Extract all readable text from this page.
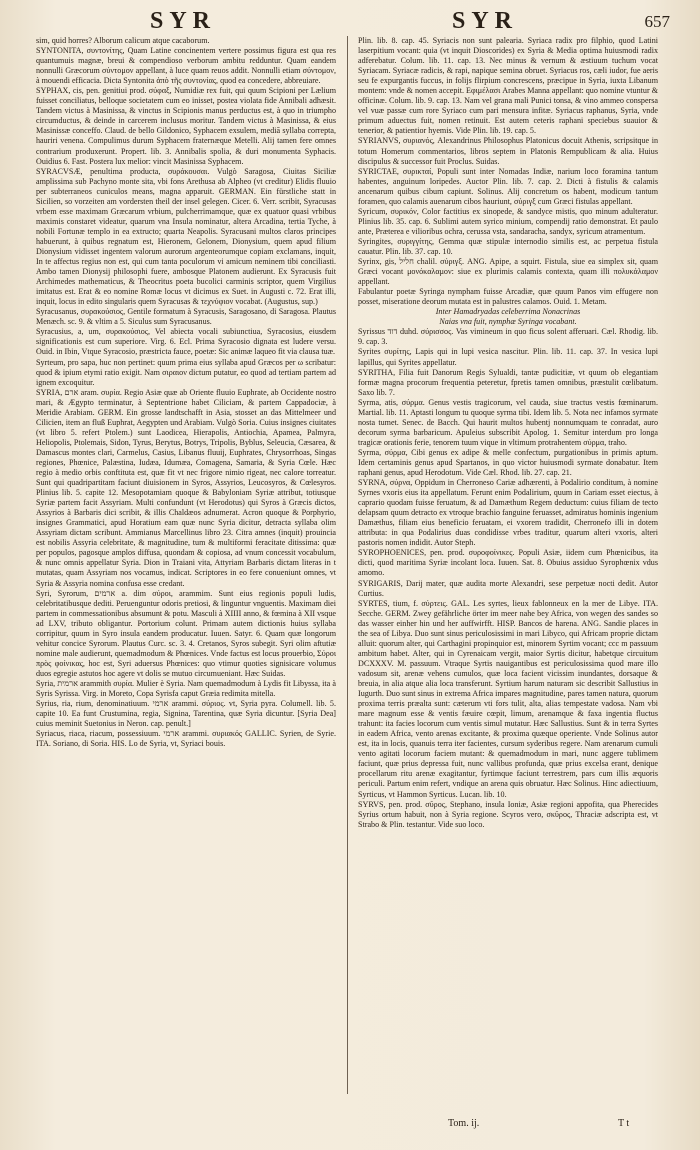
SYR	SYR	657

sim, quid horres? Alborum calicum atque cacaborum.

SYNTONITA, συντονίτης, Quam Latine concinentem vertere possimus figura est qua res quantumuis magnæ, breui & compendioso verborum ambitu redduntur. Quam eandem nonnulli Græcorum σύντομον appellant, à luce quam reuos addit. Nonnulli etiam σύντομον, à mouendi efficacia. Dicta Syntonita ἀπὸ τῆς συντονίας, quod ea concedere, abbreuiare.

SYPHAX, cis, pen. genitiui prod. σύφαξ, Numidiæ rex fuit, qui quum Scipioni per Lælium fuisset conciliatus, belloque societatem cum eo inisset, postea violata fide Annibali adhæsit. Tandem victus à Masinissa, & vinctus in Scipionis manus perductus est, à quo in triumpho circumductus, & deinde in carcerem inclusus moritur. Tandem victus à Masinissa, & eius Masinissæ conceffo. Claud. de bello Gildonico, Syphacem exsulem, mediā syllaba correpta, hauriri venena. Compulimus durum Syphacem fraternæque Metelli. Alij tamen fere omnes contrarium produxerunt. Propert. lib. 3. Annibalis spolia, & duri monumenta Syphacis. Ouidius 6. Fast. Postera lux melior: vincit Masinissa Syphacem.

SYRACVSÆ, penultima producta, συράκουσαι. Vulgò Saragosa, Ciuitas Siciliæ amplissima sub Pachyno monte sita, vbi fons Arethusa ab Alpheo (vt creditur) Elidis fluuio per subterraneos cuniculos means, magna apparuit. GERMAN. Ein fürstliche statt in Sicilien, so vorzeiten am vordersten theil der insel gelegen. Cicer. 6. Verr. scribit, Syracusas vrbem esse maximam Græcarum vrbium, pulcherrimamque, quæ ex quatuor quasi vrbibus maximis constaret videatur, quarum vna Insula nominatur, altera Arcadina, tertia Tyche, à nobili Fortunæ templo in ea extructo; quarta Neapolis. Syracusani multos claros principes habuerunt, à quibus regnatum est, Hieronem, Gelonem, Dionysium, quem apud filium Dionysium vidisset ingentem valorum aurorum argenteorumque copiam exclamans, inquit, In te affectus regius non est, qui cum tanta poculorum vi amicum neminem tibi conciliasti. Ambo tamen Dionysij philosophi fuere, ambosque Platonem audierunt. Ex Syracusis fuit Archimedes mathematicus, & Theocritus poeta bucolici carminis scriptor, quem Virgilius imitatus est. Erat & eo nomine Romæ locus vt dicimus ex Suet. in Augusti c. 72. Erat illi, inquit, locus in edito singularis quem Syracusas & τεχνύφιον vocabat. (Augustus, sup.)

Syracusanus, συρακούσιος, Gentile formatum à Syracusis, Saragosano, di Saragosa. Plautus Menæch. sc. 9. & vltim a 5. Siculus sum Syracusanus.

Syracusius, a, um, συρακούσιος, Vel abiecta vocali subiunctiua, Syracosius, eiusdem significationis est cum superiore. Virg. 6. Ecl. Prima Syracosio dignata est ludere versu. Ouid. in Ibin, Vtque Syracosio, præstricta fauce, poetæ: Sic animæ laqueo fit via clausa tuæ.

Syrteum, pro sapa, huc non pertinet: quum prima eius syllaba apud Græcos per ω scribatur: quod & ipium etymi ratio exigit. Nam σιραιον dictum putatur, eo quod ad tertiam partem ad ignem excoquitur.

SYRIA, ארם aram. συρία. Regio Asiæ quæ ab Oriente fluuio Euphrate, ab Occidente nostro mari, & Ægypto terminatur, à Septentrione habet Ciliciam, & partem Cappadociæ, à Meridie Arabiam. GERM. Ein grosse landtschafft in Asia, stosset an das Mittelmeer und Cilicien, item an fluß Euphrat, Aegypten und Arabiam. Vulgò Soria. Cuius insignes ciuitates (vt libro 5. refert Ptolem.) sunt Laodicea, Hierapolis, Antiochia, Apamea, Palmyra, Heliopolis, Ptolemais, Sidon, Tyrus, Berytus, Botrys, Tripolis, Byblus, Seleucia, Cæsarea, & Damascus montes clari, Carmelus, Casius, Libanus fluuij, Euphrates, Chrysorrhoas, Singas regiones, Phœnice, Palæstina, Iudæa, Idumæa, Comagena, Samaria, & Syria Cœle. Hæc regio à medio orbis conftituta est, quæ fit vt nec frigore nimio rigeat, nec calore torreatur. Sunt qui quadripartitam faciunt diuisionem in Syros, Assyrios, Leucosyros, & Cœlesyros. Plinius lib. 5. capite 12. Mesopotamiam quoque & Babyloniam Syriæ attribut, totiusque Syriæ partem facit Assyriam. Multi confundunt (vt Herodotus) qui Syros à Græcis dictos, Assyrios à Barbaris dici scribit, & illis Chaldæos adnumerat. Acron quoque & Porphyrio, insignes Grammatici, apud Horatium eam quæ nunc Syria dicitur, detracta syllaba olim Assyriam dictam scribunt. Ammianus Marcellinus libro 23. Citra amnes (inquit) prouincia est nobilis Assyria celebritate, & magnitudine, tum & multiformi feracitate ditissima: quæ per populos, pagosque amplos diffusa, quondam & copiosa, ad vnum concessit vocabulum, & nunc omnis appellatur Syria. Dion in Traiani vita, Attyriam Barbaris dictam literas in t mutatas, quam Assyriam nos vocamus, indicat. Scriptores in eo fere conueniunt omnes, vt Syria & Assyria nomina confusa esse credant.

Syri, Syrorum, ארמים a. dim σύροι, arammim. Sunt eius regionis populi ludis, celebritatibusque dediti. Peruenguntur odoris pretiosi, & linguntur vnguentis. Maximam diei partem in commessationibus absumunt & potu. Masculi à XIIII anno, & fœmina à XII vsque ad LXV, tributo obligantur. Portorium colunt. Primam autem dictionis huius syllaba corripitur, quum in Syro insula eandem producatur. Iuuen. Satyr. 6. Quam quæ longorum vehitur concice Syrorum. Plautus Curc. sc. 3. 4. Cretanos, Syros subegit. Syri olim aftutiæ nomine male audierunt, quemadmodum & Phœnices. Vnde factus est locus prouerbio, Σύροι πρὸς φοίνικας, hoc est, Syri aduersus Phœnices: quo vtimur quoties signisicare volumus duos egregie astutos hoc agere vt dolis se mutuo circumueniant. Hæc Suidas.

Syria, ארמית arammith συρία. Mulier è Syria. Nam quemadmodum à Lydis fit Libyssa, ita à Syris Syrissa. Virg. in Moreto, Copa Syrisfa caput Græia redimita mitella.

Syrius, ria, rium, denominatiuum. ארמי arammi. σύριος. vt, Syria pyra. Columell. lib. 5. capite 10. Ea funt Crustumina, regia, Signina, Tarentina, quæ Syria dicuntur. [Syria Dea] cuius meminit Suetonius in Neron. cap. penult.]

Syriacus, riaca, riacum, possessiuum. ארמי arammi. συριακός GALLIC. Syrien, de Syrie. ITA. Soriano, di Soria. HIS. Lo de Syria, vt, Syriaci bouis.

Plin. lib. 8. cap. 45. Syriacis non sunt palearia. Syriaca radix pro filphio, quod Latini laserpitium vocant: quia (vt inquit Dioscorides) ex Syria & Media optima huiusmodi radix adferebatur. Colum. lib. 11. cap. 13. Nec minus & vernum & æstiuum tuchum vocat Syriacam. Syriacæ radicis, & rapi, napique semina obruet. Syriacus ros, cæli iudor, fue aeris seu fe expurgantis fuccus, in folijs flirpium concrescens, præcipue in Syria, iuxta Libanum montem: vnde & nomen accepit. Εφιμέλασι Arabes Manna appellant: quo nomine vtuntur & officinæ. Colum. lib. 9. cap. 13. Nam vel grana mali Punici tonsa, & vino ammeo conspersa vel vuæ passæ cum rore Syriaco cum pari mensura infitæ. Syriacus raphanus, Syria, vnde primum aduectus fuit, nomen retinuit. Est autem ceteris raphani speciebus suauior & tenerior, & patientior hyemis. Vide Plin. lib. 19. cap. 5.

SYRIANVS, συριανός, Alexandrinus Philosophus Platonicus docuit Athenis, scripsitque in totum Homerum commentarios, libros septem in Platonis Rempublicam & alia. Huius discipulus & successor fuit Proclus. Suidas.

SYRICTAE, συρικταί, Populi sunt inter Nomadas Indiæ, narium loco foramina tantum habentes, anguinum loripedes. Auctor Plin. lib. 7. cap. 2. Dicti à fistulis & calamis ancenarum quibus cibum capiunt. Solinus. Alij concretum os habent, modicum tantum foramen, quo calamis auenarum cibos hauriunt, σύριγξ cum Græci fistulas appellant.

Syricum, συρικόν, Color factitius ex sinopede, & sandyce mistis, quo minum adulteratur. Plinius lib. 35. cap. 6. Sublimi autem syrico minium, compendij ratio demonstrat. Et paulo ante, Præterea e vilioribus ochra, cerussa vsta, sandaracha, sandyx, syricum atramentum.

Syringites, συριγγίτης, Gemma quæ stipulæ internodio similis est, ac perpetua fistula cauatur. Plin. lib. 37. cap. 10.

Syrinx, gis, חליל chalil. σύριγξ. ANG. Apipe, a squirt. Fistula, siue ea simplex sit, quam Græci vocant μονόκαλαμον: siue ex plurimis calamis contexta, quam illi πολυκάλαμον appellant.

Fabulantur poetæ Syringa nympham fuisse Arcadiæ, quæ quum Panos vim effugere non posset, miseratione deorum mutata est in palustres calamos. Ouid. 1. Metam.

Inter Hamadryadas celeberrima Nonacrinas

Naias vna fuit, nymphæ Syringa vocabant.

Syrissus דוד duhd. σύρισσος. Vas vimineum in quo ficus solent afferuari. Cæl. Rhodig. lib. 9. cap. 3.

Syrites συρίτης, Lapis qui in lupi vesica nascitur. Plin. lib. 11. cap. 37. In vesica lupi lapillus, qui Syrites appellatur.

SYRITHA, Filia fuit Danorum Regis Sylualdi, tantæ pudicitiæ, vt quum ob elegantiam formæ magna procorum frequentia peteretur, fpretis tamen omnibus, præstulit cœlibatum. Saxo lib. 7.

Syrma, atis, σύρμα. Genus vestis tragicorum, vel cauda, siue tractus vestis fœminarum. Martial. lib. 11. Aptasti longum tu quoque syrma tibi. Idem lib. 5. Nota nec infamos syrmate nosta tumet. Senec. de Bacch. Qui haurit multos hubentj nonnumquam te conradat, auro decorum syrma barbaricum. Apuleius subscribit Apolog. 1. Semitur interdum pro longa tragicæ orationis ferie, tenorem tuum vique in vltimum protrahentem σύρμα, traho.

Syrma, σύρμα, Cibi genus ex adipe & melle confectum, purgationibus in primis aptum. Idem certaminis genus apud Spartanos, in quo victor huiusmodi syrmate donabatur. Item raphani genus, apud Herodotum. Vide Cæl. Rhod. lib. 27. cap. 21.

SYRNA, σύρνα, Oppidum in Cherroneso Cariæ adhærenti, à Podalirio conditum, à nomine Syrnes vxoris eius ita appellatum. Ferunt enim Podalirium, quum in Cariam esset eiectus, à caprario quodam fuisse feruatum, & ad Damæthum Regem deductum: cuius filiam de tecto delapsam quum detracto ex vtroque brachio fanguine feruasset, admiratus hominis ingenium Damæthus, filiam eius beneficio feruatam, ei vxorem tradidit, Cherronefo illi in dotem attributa: in qua Podalirius duas condidisse vrbes traditur, quarum alteri vxoris, alteri pastoris nomen indidit. Autor Steph.

SYROPHOENICES, pen. prod. συροφοίνικες. Populi Asiæ, iidem cum Phœnicibus, ita dicti, quod maritima Syriæ incolant loca. Iuuen. Sat. 8. Obuius assiduo Syrophœnix vdus amomo.

SYRIGARIS, Darij mater, quæ audita morte Alexandri, sese perpetuæ nocti dedit. Autor Curtius.

SYRTES, tium, f. σύρτεις. GAL. Les syrtes, lieux fablonneux en la mer de Libye. ITA. Secche. GERM. Zwey gefährliche örter im meer nahe bey Africa, von wegen des sandes so das wasser einher hin und her auffwirfft. HISP. Bancos de harena. ANG. Sandie places in the sea of Libya. Duo sunt sinus periculosissimi in mari Libyco, qui Africam proprie dictam alluit: quorum alter, qui Carthagini propinquior est, minorem Syrtim vocant; ccc m passuum ambitum habet. Alter, qui in Cyrenaicam vergit, maior Syrtis dicitur, habetque circuitum DCXXXV. M. passuum. Vtraque Syrtis nauigantibus est periculosissima quod mare illo vadosum sit, arenæ vehens cumulos, quæ loca facient vicissim inundantes, dorsaque & breuia, in alia atque alia loca transferunt. Syrtium harum naturam sic describit Sallustius in Iugurth. Duo sunt sinus in extrema Africa impares magnitudine, pares tamen natura, quorum proxima terris præalta sunt: cæterum vti fors tulit, alta, alias tempestate vadosa. Nam vbi mare magnum esse & ventis fæuire cœpit, limum, arenamque & faxa ingentia fluctus trahunt: ita facies locorum cum ventis simul mutatur. Hæc Sallustius. Sunt & in terra Syrtes in eadem Africa, vento arenas excitante, & proxima quæque operiente. Vnde Solinus autor est, ita in locis, quanuis terra iter facientes, cursum syderibus regere. Nam arenarum cumuli vento agitati locorum faciem mutant: & quemadmodum in mari, nunc aggere tublimem faciunt, quæ prius depressa fuit, nunc vallibus profunda, quæ prius excelsa erant, denique procellarum ritu arenæ exagitantur, fyrtimque faciunt terrestrem, pars cum illis æquoris periculi. Partum enim refert, vndique an arena quis obruatur. Hæc Solinus. Hinc adiectiuum, Syrticus, vt Hammon Syrticus. Lucan. lib. 10.

SYRVS, pen. prod. σῦρος, Stephano, insula Ioniæ, Asiæ regioni appofita, qua Pherecides Syrius ortum habuit, non à Syria regione. Scyros vero, σκῦρος, Thraciæ adscripta est, vt Strabo & Plin. testantur. Vide suo loco.

Tom. ij.	T t
